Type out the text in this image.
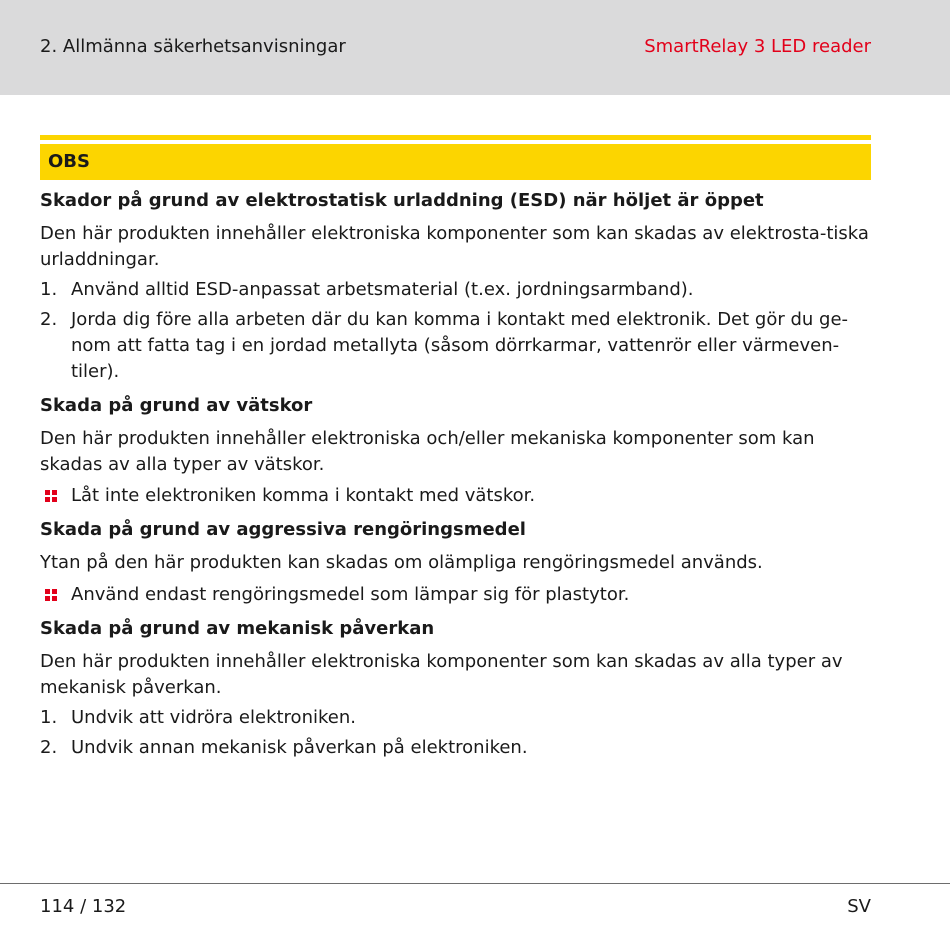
2. Allmänna säkerhetsanvisningar	SmartRelay 3 LED reader
OBS
Skador på grund av elektrostatisk urladdning (ESD) när höljet är öppet

Den här produkten innehåller elektroniska komponenter som kan skadas av elektrosta-tiska urladdningar.

1. Använd alltid ESD-anpassat arbetsmaterial (t.ex. jordningsarmband).
2. Jorda dig före alla arbeten där du kan komma i kontakt med elektronik. Det gör du ge-nom att fatta tag i en jordad metallyta (såsom dörrkarmar, vattenrör eller värmeven-tiler).
Skada på grund av vätskor

Den här produkten innehåller elektroniska och/eller mekaniska komponenter som kan skadas av alla typer av vätskor.

Låt inte elektroniken komma i kontakt med vätskor.
Skada på grund av aggressiva rengöringsmedel

Ytan på den här produkten kan skadas om olämpliga rengöringsmedel används.

Använd endast rengöringsmedel som lämpar sig för plastytor.
Skada på grund av mekanisk påverkan

Den här produkten innehåller elektroniska komponenter som kan skadas av alla typer av mekanisk påverkan.

1. Undvik att vidröra elektroniken.
2. Undvik annan mekanisk påverkan på elektroniken.
114 / 132	SV
